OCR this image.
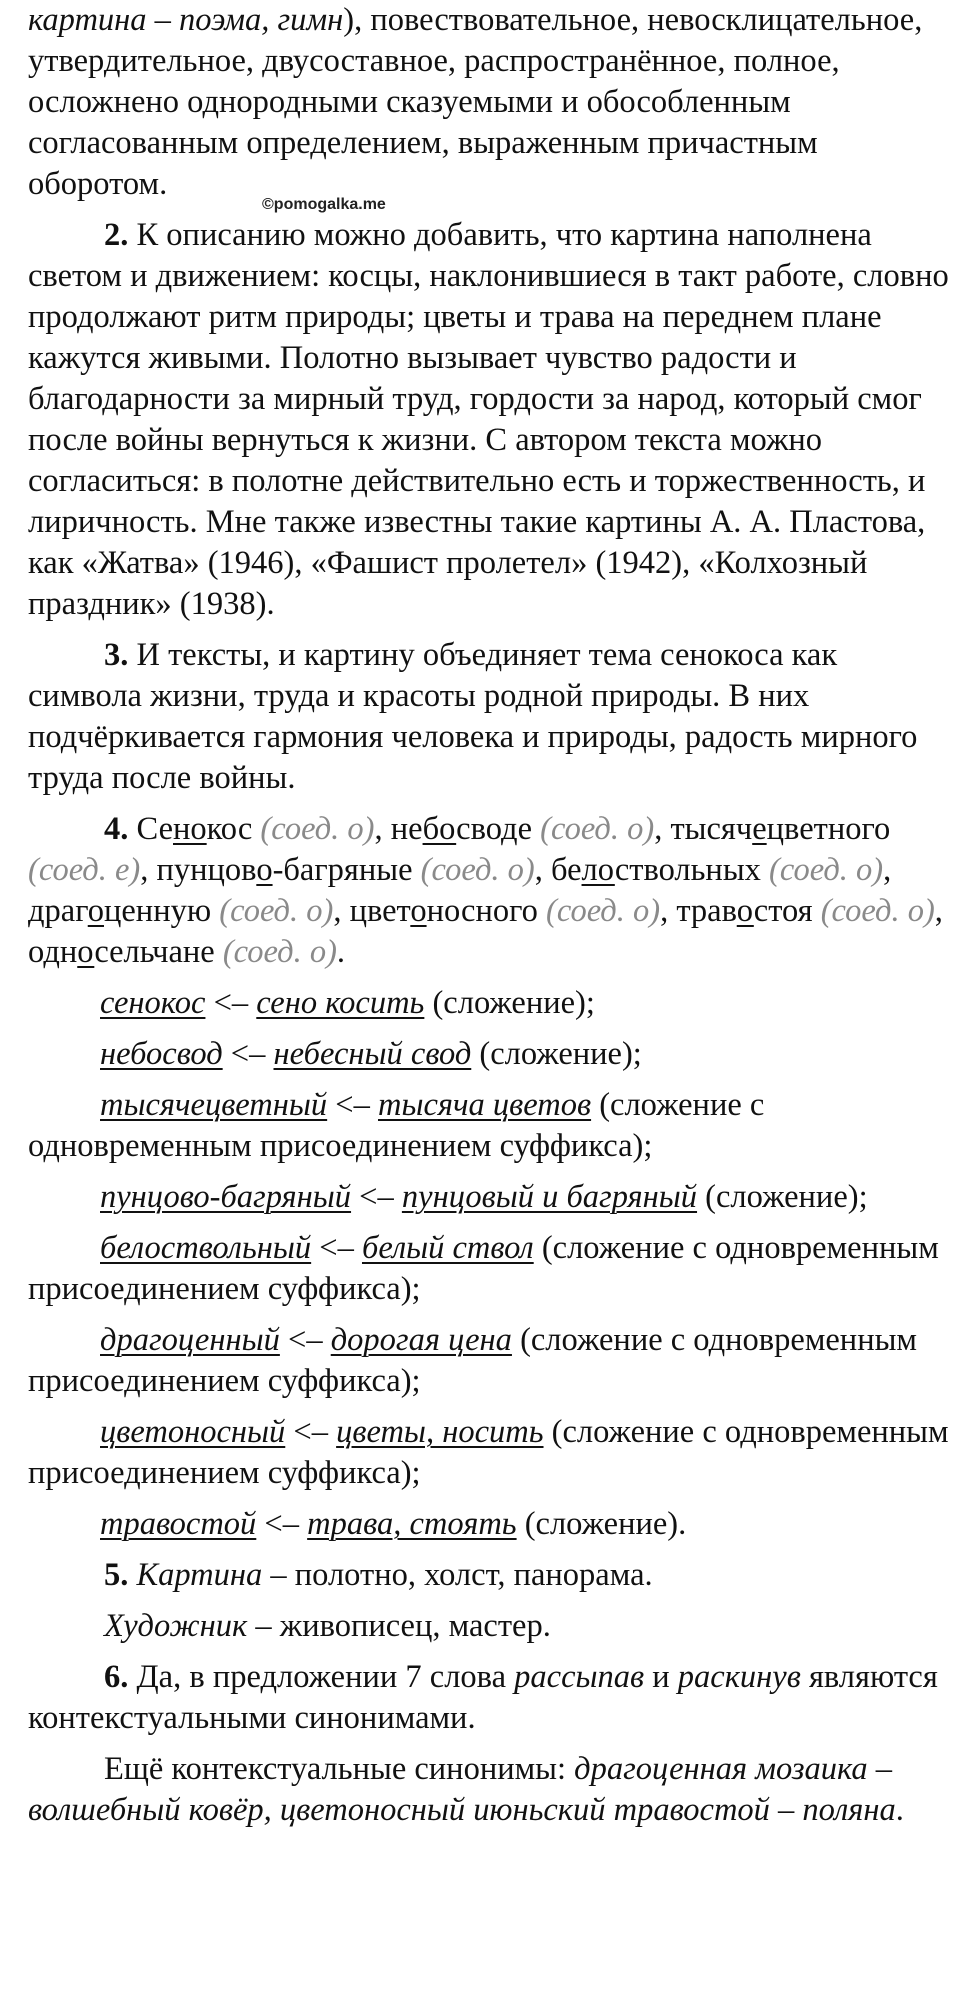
картина – поэма, гимн), повествовательное, невосклицательное, утвердительное, двусоставное, распространённое, полное, осложнено однородными сказуемыми и обособленным согласованным определением, выраженным причастным оборотом.

2. К описанию можно добавить, что картина наполнена светом и движением: косцы, наклонившиеся в такт работе, словно продолжают ритм природы; цветы и трава на переднем плане кажутся живыми. Полотно вызывает чувство радости и благодарности за мирный труд, гордости за народ, который смог после войны вернуться к жизни. С автором текста можно согласиться: в полотне действительно есть и торжественность, и лиричность. Мне также известны такие картины А. А. Пластова, как «Жатва» (1946), «Фашист пролетел» (1942), «Колхозный праздник» (1938).

3. И тексты, и картину объединяет тема сенокоса как символа жизни, труда и красоты родной природы. В них подчёркивается гармония человека и природы, радость мирного труда после войны.

4. Сенокос (соед. о), небосводе (соед. о), тысячецветного (соед. е), пунцово-багряные (соед. о), белоствольных (соед. о), драгоценную (соед. о), цветоносного (соед. о), травостоя (соед. о), односельчане (соед. о).

сенокос <– сено косить (сложение);

небосвод <– небесный свод (сложение);

тысячецветный <– тысяча цветов (сложение с одновременным присоединением суффикса);

пунцово-багряный <– пунцовый и багряный (сложение);

белоствольный <– белый ствол (сложение с одновременным присоединением суффикса);

драгоценный <– дорогая цена (сложение с одновременным присоединением суффикса);

цветоносный <– цветы, носить (сложение с одновременным присоединением суффикса);

травостой <– трава, стоять (сложение).

5. Картина – полотно, холст, панорама.

Художник – живописец, мастер.

6. Да, в предложении 7 слова рассыпав и раскинув являются контекстуальными синонимами.

Ещё контекстуальные синонимы: драгоценная мозаика – волшебный ковёр, цветоносный июньский травостой – поляна.

©pomogalka.me
